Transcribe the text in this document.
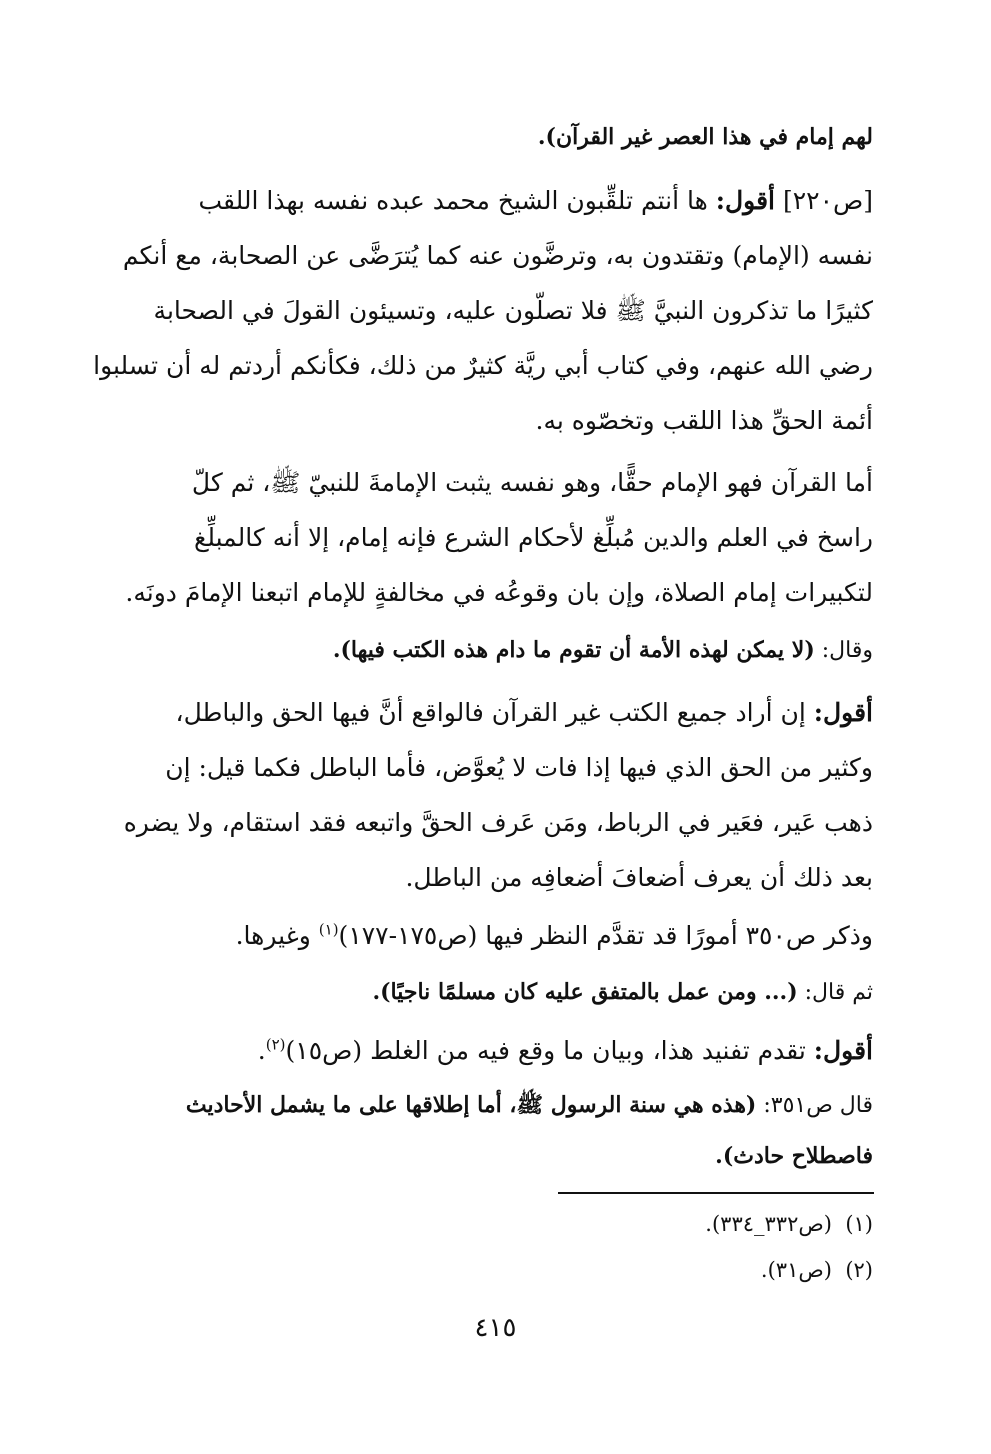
لهم إمام في هذا العصر غير القرآن).

[ص٢٢٠] أقول: ها أنتم تلقِّبون الشيخ محمد عبده نفسه بهذا اللقب
نفسه (الإمام) وتقتدون به، وترضَّون عنه كما يُترَضَّى عن الصحابة، مع أنكم
كثيرًا ما تذكرون النبيَّ ﷺ فلا تصلّون عليه، وتسيئون القولَ في الصحابة
رضي الله عنهم، وفي كتاب أبي ريَّة كثيرٌ من ذلك، فكأنكم أردتم له أن تسلبوا
أئمة الحقِّ هذا اللقب وتخصّوه به.

أما القرآن فهو الإمام حقًّا، وهو نفسه يثبت الإمامةَ للنبيّ ﷺ، ثم كلّ
راسخ في العلم والدين مُبلِّغ لأحكام الشرع فإنه إمام، إلا أنه كالمبلِّغ
لتكبيرات إمام الصلاة، وإن بان وقوعُه في مخالفةٍ للإمام اتبعنا الإمامَ دونَه.

وقال: (لا يمكن لهذه الأمة أن تقوم ما دام هذه الكتب فيها).

أقول: إن أراد جميع الكتب غير القرآن فالواقع أنَّ فيها الحق والباطل،
وكثير من الحق الذي فيها إذا فات لا يُعوَّض، فأما الباطل فكما قيل: إن
ذهب عَير، فعَير في الرباط، ومَن عَرف الحقَّ واتبعه فقد استقام، ولا يضره
بعد ذلك أن يعرف أضعافَ أضعافِه من الباطل.

وذكر ص٣٥٠ أمورًا قد تقدَّم النظر فيها (ص١٧٥-١٧٧)$^{(١)}$ وغيرها.

ثم قال: (... ومن عمل بالمتفق عليه كان مسلمًا ناجيًا).

أقول: تقدم تفنيد هذا، وبيان ما وقع فيه من الغلط (ص١٥)$^{(٢)}$.

قال ص٣٥١: (هذه هي سنة الرسول ﷺ، أما إطلاقها على ما يشمل الأحاديث
فاصطلاح حادث).

(١)  (ص٣٣٢_٣٣٤).
(٢)  (ص٣١).
٤١٥
